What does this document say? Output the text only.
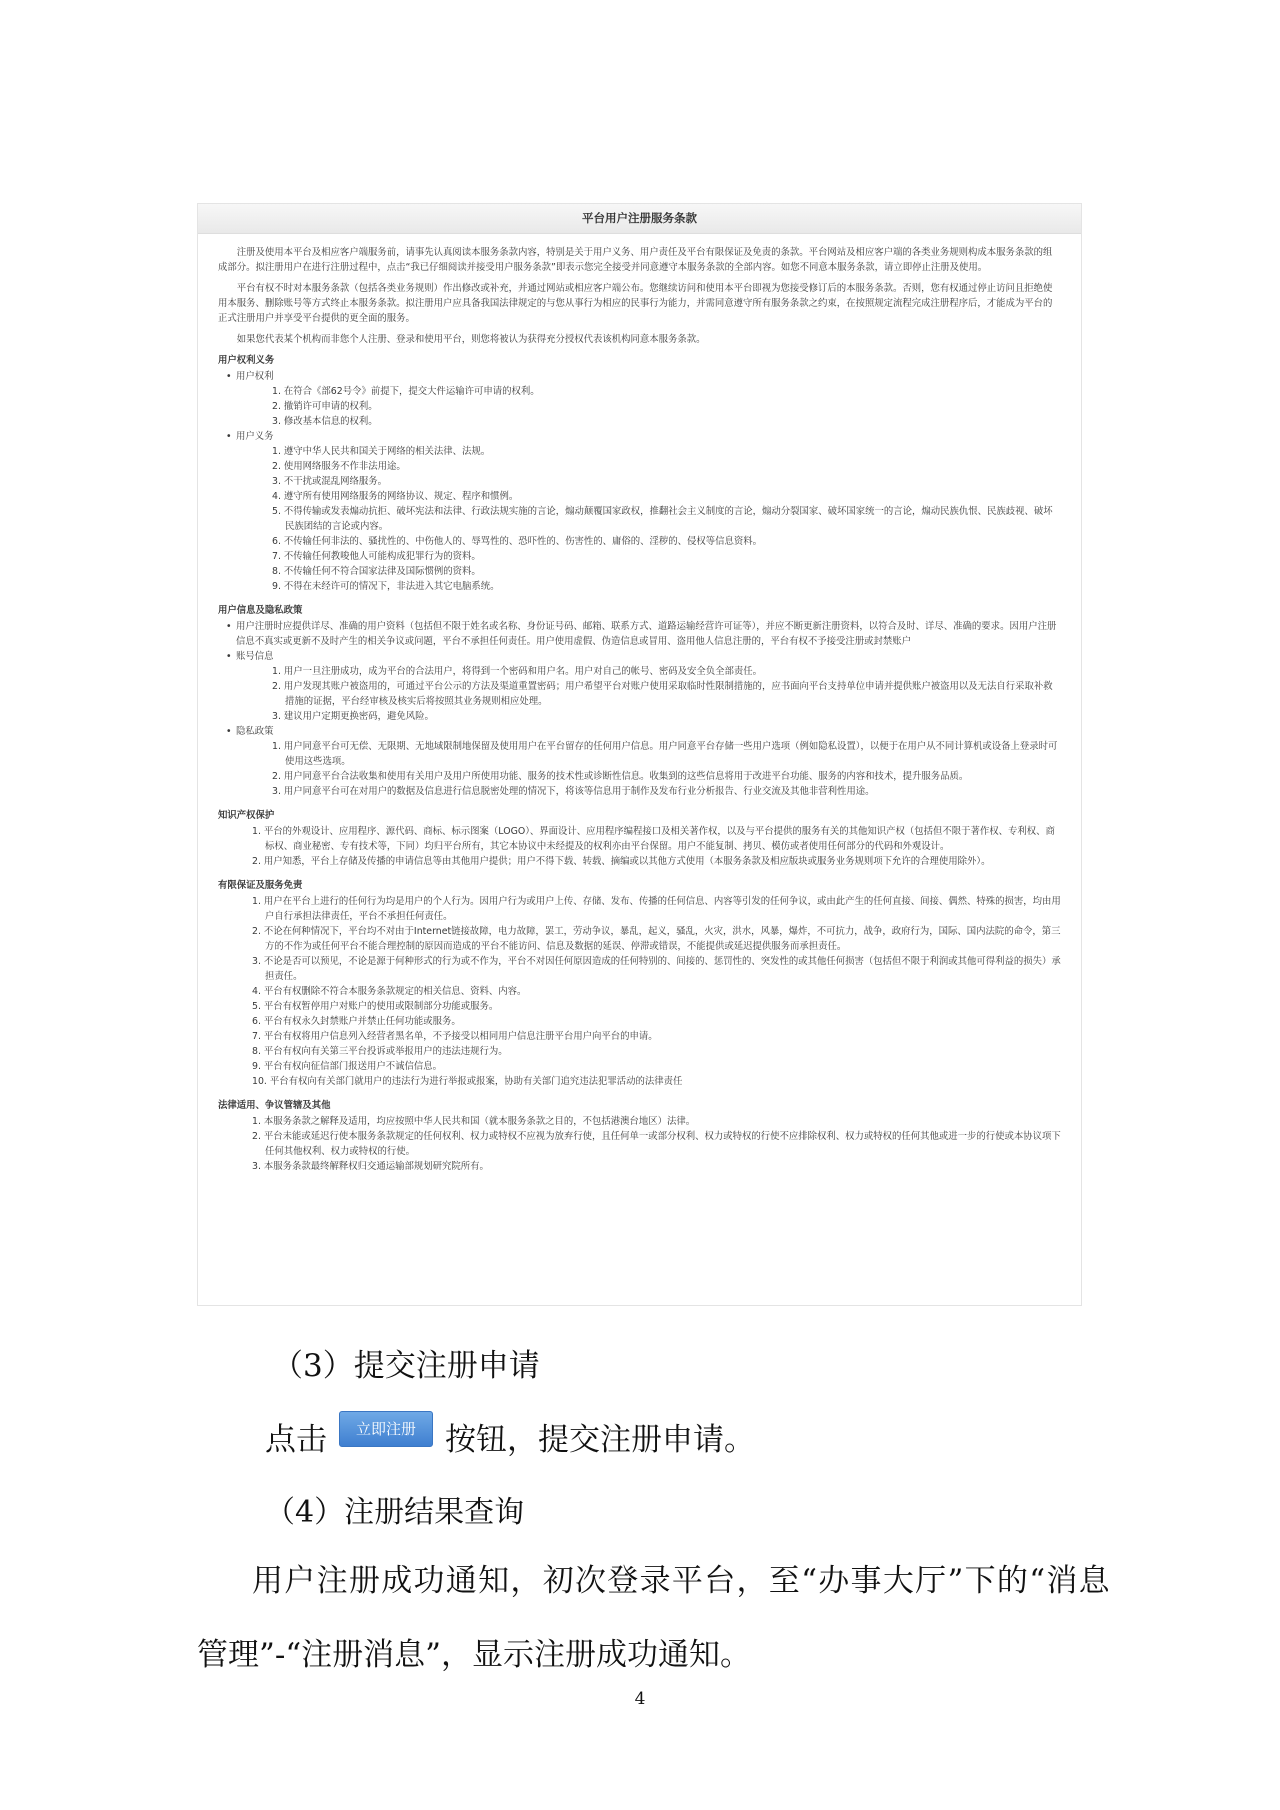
平台用户注册服务条款

注册及使用本平台及相应客户端服务前，请事先认真阅读本服务条款内容，特别是关于用户义务、用户责任及平台有限保证及免责的条款。平台网站及相应客户端的各类业务规则构成本服务条款的组成部分。拟注册用户在进行注册过程中，点击“我已仔细阅读并接受用户服务条款”即表示您完全接受并同意遵守本服务条款的全部内容。如您不同意本服务条款，请立即停止注册及使用。

平台有权不时对本服务条款（包括各类业务规则）作出修改或补充，并通过网站或相应客户端公布。您继续访问和使用本平台即视为您接受修订后的本服务条款。否则，您有权通过停止访问且拒绝使用本服务、删除账号等方式终止本服务条款。拟注册用户应具备我国法律规定的与您从事行为相应的民事行为能力，并需同意遵守所有服务条款之约束，在按照规定流程完成注册程序后，才能成为平台的正式注册用户并享受平台提供的更全面的服务。

如果您代表某个机构而非您个人注册、登录和使用平台，则您将被认为获得充分授权代表该机构同意本服务条款。

用户权利义务
• 用户权利
1. 在符合《部62号令》前提下，提交大件运输许可申请的权利。
2. 撤销许可申请的权利。
3. 修改基本信息的权利。
• 用户义务
1. 遵守中华人民共和国关于网络的相关法律、法规。
2. 使用网络服务不作非法用途。
3. 不干扰或混乱网络服务。
4. 遵守所有使用网络服务的网络协议、规定、程序和惯例。
5. 不得传输或发表煽动抗拒、破坏宪法和法律、行政法规实施的言论，煽动颠覆国家政权，推翻社会主义制度的言论，煽动分裂国家、破坏国家统一的言论，煽动民族仇恨、民族歧视、破坏民族团结的言论或内容。
6. 不传输任何非法的、骚扰性的、中伤他人的、辱骂性的、恐吓性的、伤害性的、庸俗的、淫秽的、侵权等信息资料。
7. 不传输任何教唆他人可能构成犯罪行为的资料。
8. 不传输任何不符合国家法律及国际惯例的资料。
9. 不得在未经许可的情况下，非法进入其它电脑系统。
用户信息及隐私政策
• 用户注册时应提供详尽、准确的用户资料（包括但不限于姓名或名称、身份证号码、邮箱、联系方式、道路运输经营许可证等），并应不断更新注册资料，以符合及时、详尽、准确的要求。因用户注册信息不真实或更新不及时产生的相关争议或问题，平台不承担任何责任。用户使用虚假、伪造信息或冒用、盗用他人信息注册的，平台有权不予接受注册或封禁账户
• 账号信息
1. 用户一旦注册成功，成为平台的合法用户，将得到一个密码和用户名。用户对自己的帐号、密码及安全负全部责任。
2. 用户发现其账户被盗用的，可通过平台公示的方法及渠道重置密码；用户希望平台对账户使用采取临时性限制措施的，应书面向平台支持单位申请并提供账户被盗用以及无法自行采取补救措施的证据，平台经审核及核实后将按照其业务规则相应处理。
3. 建议用户定期更换密码，避免风险。
• 隐私政策
1. 用户同意平台可无偿、无限期、无地域限制地保留及使用用户在平台留存的任何用户信息。用户同意平台存储一些用户选项（例如隐私设置），以便于在用户从不同计算机或设备上登录时可使用这些选项。
2. 用户同意平台合法收集和使用有关用户及用户所使用功能、服务的技术性或诊断性信息。收集到的这些信息将用于改进平台功能、服务的内容和技术，提升服务品质。
3. 用户同意平台可在对用户的数据及信息进行信息脱密处理的情况下，将该等信息用于制作及发布行业分析报告、行业交流及其他非营利性用途。
知识产权保护
1. 平台的外观设计、应用程序、源代码、商标、标示图案（LOGO）、界面设计、应用程序编程接口及相关著作权，以及与平台提供的服务有关的其他知识产权（包括但不限于著作权、专利权、商标权、商业秘密、专有技术等，下同）均归平台所有，其它本协议中未经提及的权利亦由平台保留。用户不能复制、拷贝、模仿或者使用任何部分的代码和外观设计。
2. 用户知悉，平台上存储及传播的申请信息等由其他用户提供；用户不得下载、转载、摘编或以其他方式使用（本服务条款及相应版块或服务业务规则项下允许的合理使用除外）。
有限保证及服务免责
1. 用户在平台上进行的任何行为均是用户的个人行为。因用户行为或用户上传、存储、发布、传播的任何信息、内容等引发的任何争议，或由此产生的任何直接、间接、偶然、特殊的损害，均由用户自行承担法律责任，平台不承担任何责任。
2. 不论在何种情况下，平台均不对由于Internet链接故障，电力故障，罢工，劳动争议，暴乱，起义，骚乱，火灾，洪水，风暴，爆炸，不可抗力，战争，政府行为，国际、国内法院的命令，第三方的不作为或任何平台不能合理控制的原因而造成的平台不能访问、信息及数据的延误、停滞或错误，不能提供或延迟提供服务而承担责任。
3. 不论是否可以预见，不论是源于何种形式的行为或不作为，平台不对因任何原因造成的任何特别的、间接的、惩罚性的、突发性的或其他任何损害（包括但不限于利润或其他可得利益的损失）承担责任。
4. 平台有权删除不符合本服务条款规定的相关信息、资料、内容。
5. 平台有权暂停用户对账户的使用或限制部分功能或服务。
6. 平台有权永久封禁账户并禁止任何功能或服务。
7. 平台有权将用户信息列入经营者黑名单，不予接受以相同用户信息注册平台用户向平台的申请。
8. 平台有权向有关第三平台投诉或举报用户的违法违规行为。
9. 平台有权向征信部门报送用户不诚信信息。
10. 平台有权向有关部门就用户的违法行为进行举报或报案，协助有关部门追究违法犯罪活动的法律责任
法律适用、争议管辖及其他
1. 本服务条款之解释及适用，均应按照中华人民共和国（就本服务条款之目的，不包括港澳台地区）法律。
2. 平台未能或延迟行使本服务条款规定的任何权利、权力或特权不应视为放弃行使，且任何单一或部分权利、权力或特权的行使不应排除权利、权力或特权的任何其他或进一步的行使或本协议项下任何其他权利、权力或特权的行使。
3. 本服务条款最终解释权归交通运输部规划研究院所有。
（3）提交注册申请
点击	立即注册 按钮，提交注册申请。
（4）注册结果查询
用户注册成功通知，初次登录平台，至“办事大厅”下的“消息
管理”-“注册消息”，显示注册成功通知。
4
